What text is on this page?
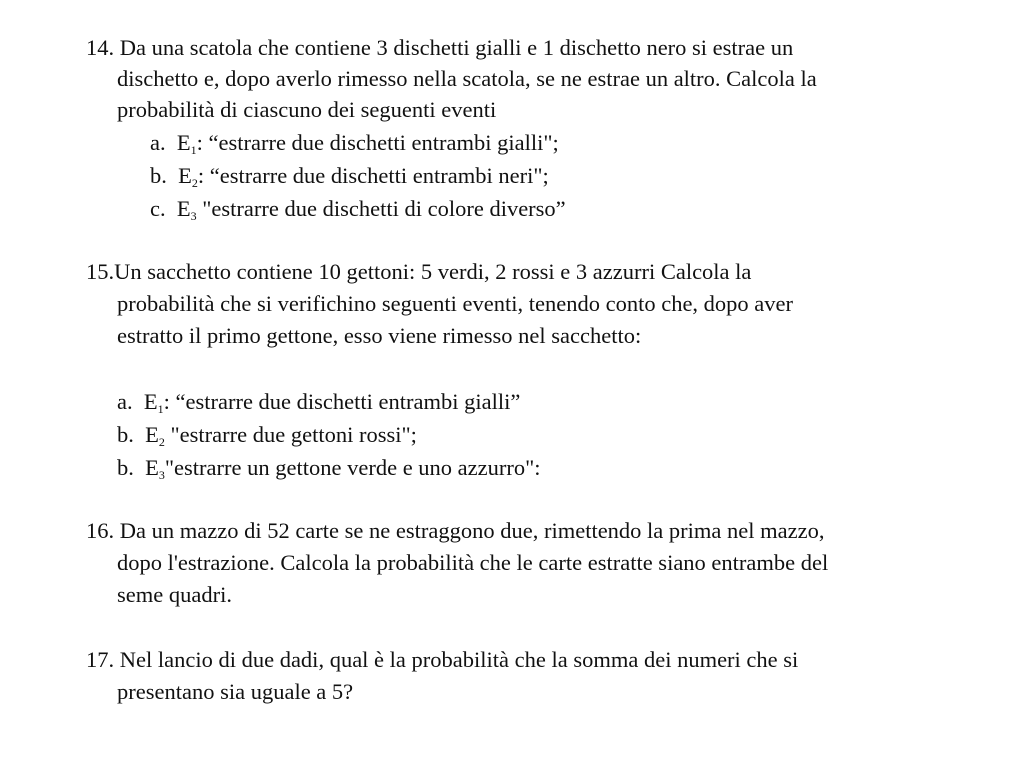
14. Da una scatola che contiene 3 dischetti gialli e 1 dischetto nero si estrae un
dischetto e, dopo averlo rimesso nella scatola, se ne estrae un altro. Calcola la
probabilità di ciascuno dei seguenti eventi
a. $E_1$: “estrarre due dischetti entrambi gialli";
b. $E_2$: “estrarre due dischetti entrambi neri";
c. $E_3$ "estrarre due dischetti di colore diverso”
15.Un sacchetto contiene 10 gettoni: 5 verdi, 2 rossi e 3 azzurri Calcola la
probabilità che si verifichino seguenti eventi, tenendo conto che, dopo aver
estratto il primo gettone, esso viene rimesso nel sacchetto:
a. $E_1$: “estrarre due dischetti entrambi gialli”
b. $E_2$ "estrarre due gettoni rossi";
b. $E_3"estrarre$ un gettone verde e uno azzurro":
16. Da un mazzo di 52 carte se ne estraggono due, rimettendo la prima nel mazzo,
dopo l'estrazione. Calcola la probabilità che le carte estratte siano entrambe del
seme quadri.
17. Nel lancio di due dadi, qual è la probabilità che la somma dei numeri che si
presentano sia uguale a 5?
